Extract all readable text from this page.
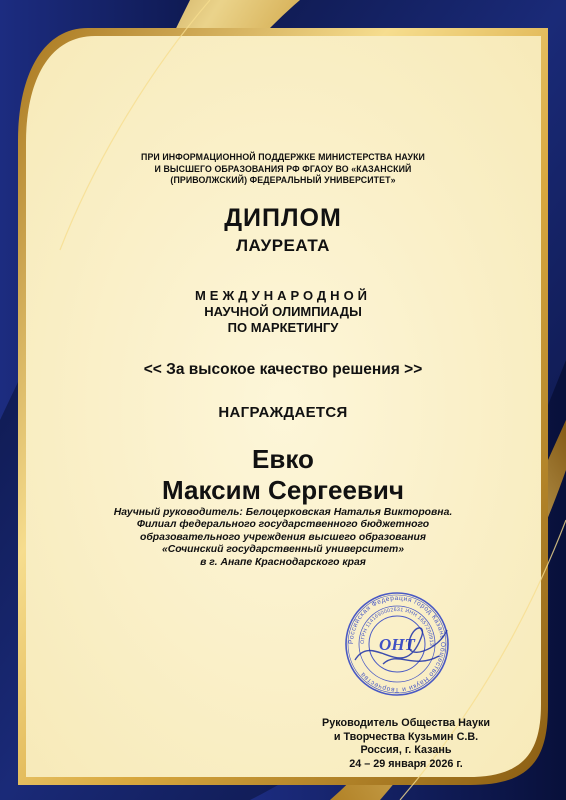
ПРИ ИНФОРМАЦИОННОЙ ПОДДЕРЖКЕ МИНИСТЕРСТВА НАУКИ
И ВЫСШЕГО ОБРАЗОВАНИЯ РФ ФГАОУ ВО «КАЗАНСКИЙ
(ПРИВОЛЖСКИЙ) ФЕДЕРАЛЬНЫЙ УНИВЕРСИТЕТ»
ДИПЛОМ
ЛАУРЕАТА
МЕЖДУНАРОДНОЙ
НАУЧНОЙ ОЛИМПИАДЫ
ПО МАРКЕТИНГУ
<< За высокое качество решения >>
НАГРАЖДАЕТСЯ
Евко
Максим Сергеевич
Научный руководитель: Белоцерковская Наталья Викторовна.
Филиал федерального государственного бюджетного
образовательного учреждения высшего образования
«Сочинский государственный университет»
в г. Анапе Краснодарского края
Российская Федерация город Казань Общество Науки и Творчества
ОГРН 1141690002631 ИНН 1657200913
ОНТ
Руководитель Общества Науки
и Творчества Кузьмин С.В.
Россия, г. Казань
24 – 29 января 2026 г.
